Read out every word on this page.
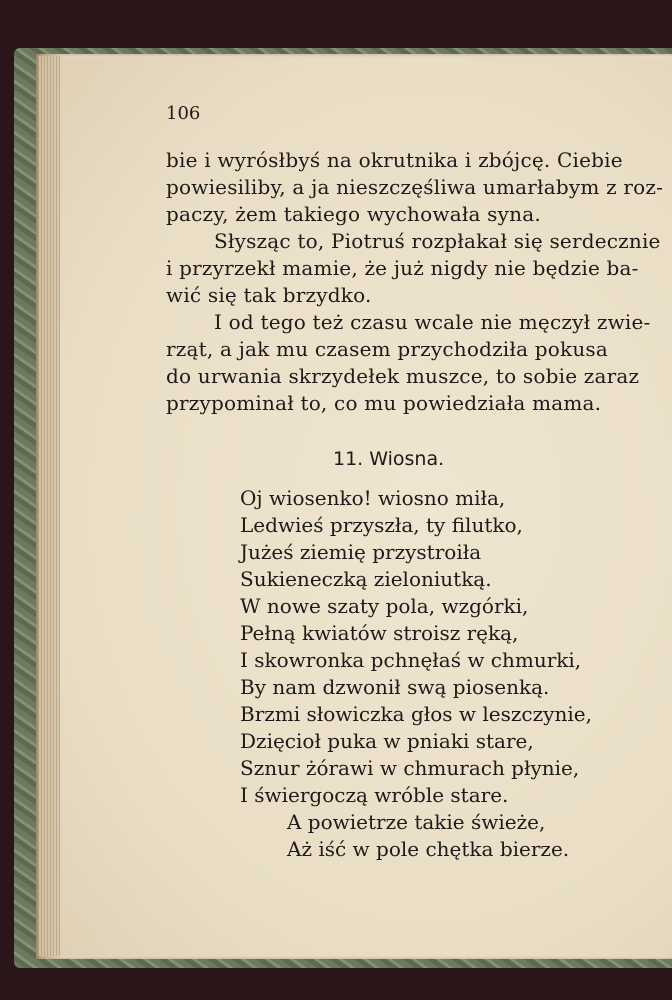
106
bie i wyrósłbyś na okrutnika i zbójcę. Ciebie
powiesiliby, a ja nieszczęśliwa umarłabym z roz-
paczy, żem takiego wychowała syna.
Słysząc to, Piotruś rozpłakał się serdecznie
i przyrzekł mamie, że już nigdy nie będzie ba-
wić się tak brzydko.
I od tego też czasu wcale nie męczył zwie-
rząt, a jak mu czasem przychodziła pokusa
do urwania skrzydełek muszce, to sobie zaraz
przypominał to, co mu powiedziała mama.
11. Wiosna.
Oj wiosenko! wiosno miła,
Ledwieś przyszła, ty filutko,
Jużeś ziemię przystroiła
Sukieneczką zieloniutką.
W nowe szaty pola, wzgórki,
Pełną kwiatów stroisz ręką,
I skowronka pchnęłaś w chmurki,
By nam dzwonił swą piosenką.
Brzmi słowiczka głos w leszczynie,
Dzięcioł puka w pniaki stare,
Sznur żórawi w chmurach płynie,
I świergoczą wróble stare.
A powietrze takie świeże,
Aż iść w pole chętka bierze.
